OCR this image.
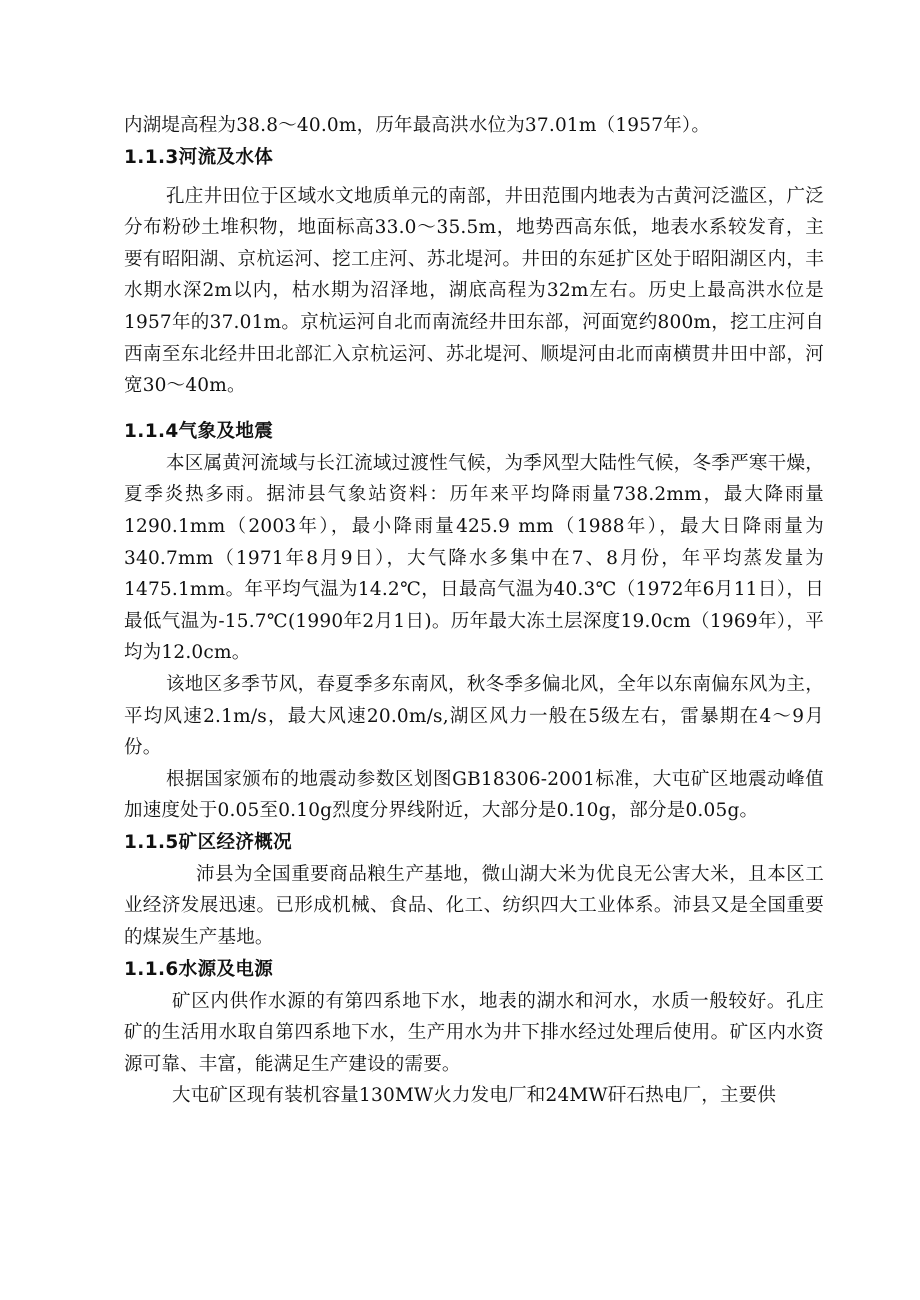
内湖堤高程为38.8～40.0m，历年最高洪水位为37.01m（1957年）。

1.1.3河流及水体

孔庄井田位于区域水文地质单元的南部，井田范围内地表为古黄河泛滥区，广泛分布粉砂土堆积物，地面标高33.0～35.5m，地势西高东低，地表水系较发育，主要有昭阳湖、京杭运河、挖工庄河、苏北堤河。井田的东延扩区处于昭阳湖区内，丰水期水深2m以内，枯水期为沼泽地，湖底高程为32m左右。历史上最高洪水位是1957年的37.01m。京杭运河自北而南流经井田东部，河面宽约800m，挖工庄河自西南至东北经井田北部汇入京杭运河、苏北堤河、顺堤河由北而南横贯井田中部，河宽30～40m。

1.1.4气象及地震

本区属黄河流域与长江流域过渡性气候，为季风型大陆性气候，冬季严寒干燥，夏季炎热多雨。据沛县气象站资料：历年来平均降雨量738.2mm，最大降雨量1290.1mm（2003年），最小降雨量425.9 mm（1988年），最大日降雨量为340.7mm（1971年8月9日），大气降水多集中在7、8月份，年平均蒸发量为1475.1mm。年平均气温为14.2℃，日最高气温为40.3℃（1972年6月11日），日最低气温为-15.7℃(1990年2月1日)。历年最大冻土层深度19.0cm（1969年），平均为12.0cm。

该地区多季节风，春夏季多东南风，秋冬季多偏北风，全年以东南偏东风为主，平均风速2.1m/s，最大风速20.0m/s,湖区风力一般在5级左右，雷暴期在4～9月份。

根据国家颁布的地震动参数区划图GB18306-2001标准，大屯矿区地震动峰值加速度处于0.05至0.10g烈度分界线附近，大部分是0.10g，部分是0.05g。

1.1.5矿区经济概况

沛县为全国重要商品粮生产基地，微山湖大米为优良无公害大米，且本区工业经济发展迅速。已形成机械、食品、化工、纺织四大工业体系。沛县又是全国重要的煤炭生产基地。

1.1.6水源及电源

矿区内供作水源的有第四系地下水，地表的湖水和河水，水质一般较好。孔庄矿的生活用水取自第四系地下水，生产用水为井下排水经过处理后使用。矿区内水资源可靠、丰富，能满足生产建设的需要。

大屯矿区现有装机容量130MW火力发电厂和24MW矸石热电厂，主要供
